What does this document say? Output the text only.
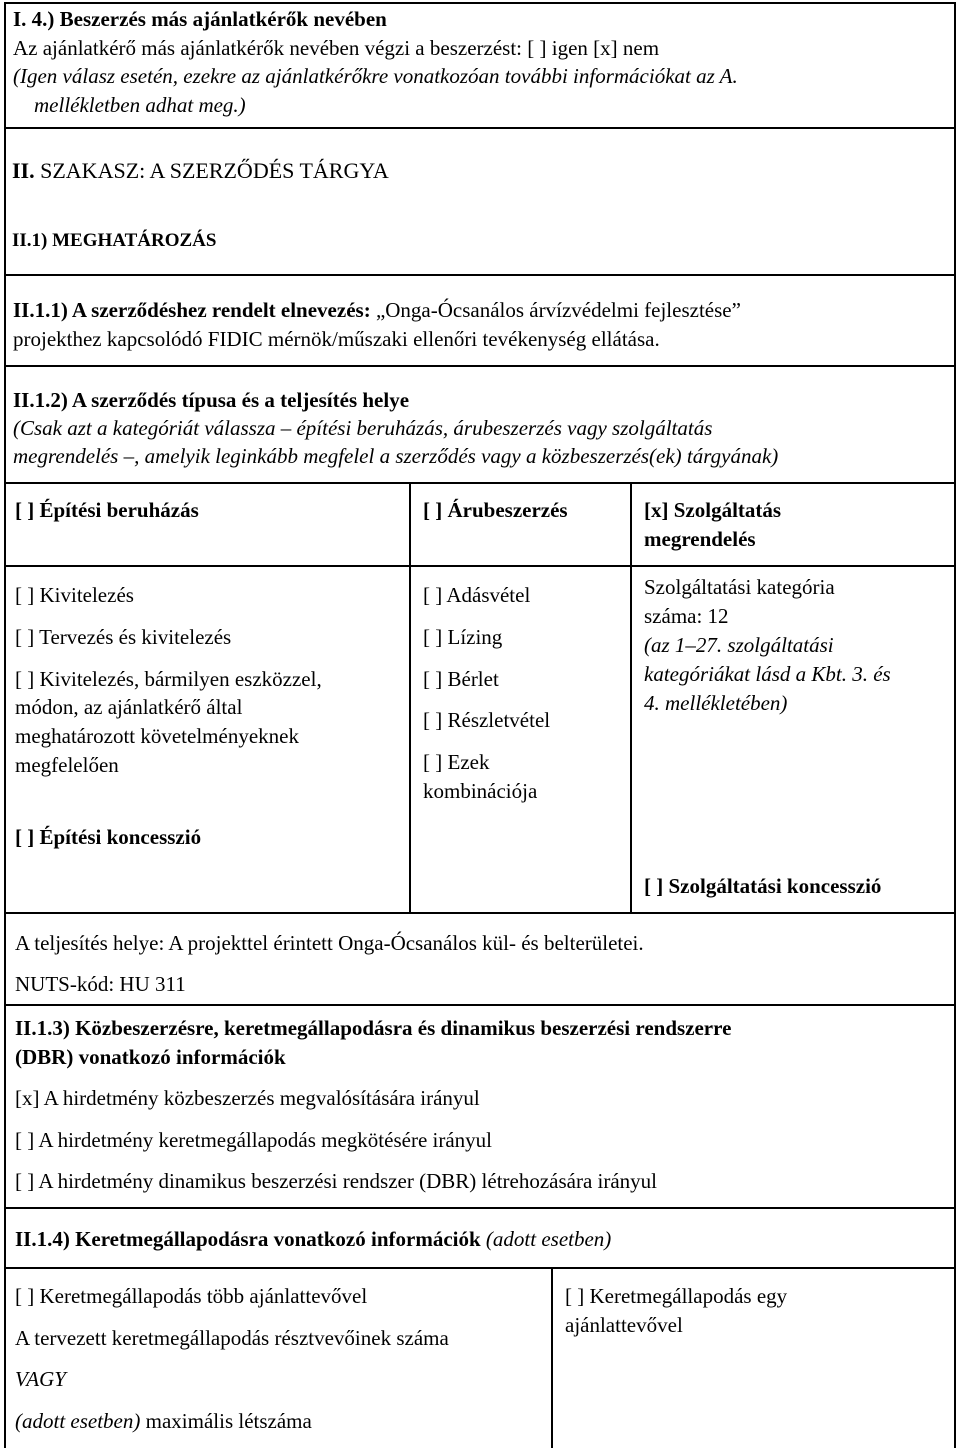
I. 4.) Beszerzés más ajánlatkérők nevében
Az ajánlatkérő más ajánlatkérők nevében végzi a beszerzést: [ ] igen [x] nem
(Igen válasz esetén, ezekre az ajánlatkérőkre vonatkozóan további információkat az A.
mellékletben adhat meg.)
II. SZAKASZ: A SZERZŐDÉS TÁRGYA
II.1) MEGHATÁROZÁS
II.1.1) A szerződéshez rendelt elnevezés: „Onga-Ócsanálos árvízvédelmi fejlesztése”
projekthez kapcsolódó FIDIC mérnök/műszaki ellenőri tevékenység ellátása.
II.1.2) A szerződés típusa és a teljesítés helye
(Csak azt a kategóriát válassza – építési beruházás, árubeszerzés vagy szolgáltatás
megrendelés –, amelyik leginkább megfelel a szerződés vagy a közbeszerzés(ek) tárgyának)
[ ] Építési beruházás	[ ] Árubeszerzés	[x] Szolgáltatás
megrendelés
[ ] Kivitelezés
[ ] Tervezés és kivitelezés
[ ] Kivitelezés, bármilyen eszközzel,
módon, az ajánlatkérő által
meghatározott követelményeknek
megfelelően
[ ] Építési koncesszió
[ ] Adásvétel
[ ] Lízing
[ ] Bérlet
[ ] Részletvétel
[ ] Ezek
kombinációja
Szolgáltatási kategória
száma: 12
(az 1–27. szolgáltatási
kategóriákat lásd a Kbt. 3. és
4. mellékletében)
[ ] Szolgáltatási koncesszió
A teljesítés helye: A projekttel érintett Onga-Ócsanálos kül- és belterületei.
NUTS-kód: HU 311
II.1.3) Közbeszerzésre, keretmegállapodásra és dinamikus beszerzési rendszerre
(DBR) vonatkozó információk
[x] A hirdetmény közbeszerzés megvalósítására irányul
[ ] A hirdetmény keretmegállapodás megkötésére irányul
[ ] A hirdetmény dinamikus beszerzési rendszer (DBR) létrehozására irányul
II.1.4) Keretmegállapodásra vonatkozó információk (adott esetben)
[ ] Keretmegállapodás több ajánlattevővel
A tervezett keretmegállapodás résztvevőinek száma
VAGY
(adott esetben) maximális létszáma
[ ] Keretmegállapodás egy
ajánlattevővel
